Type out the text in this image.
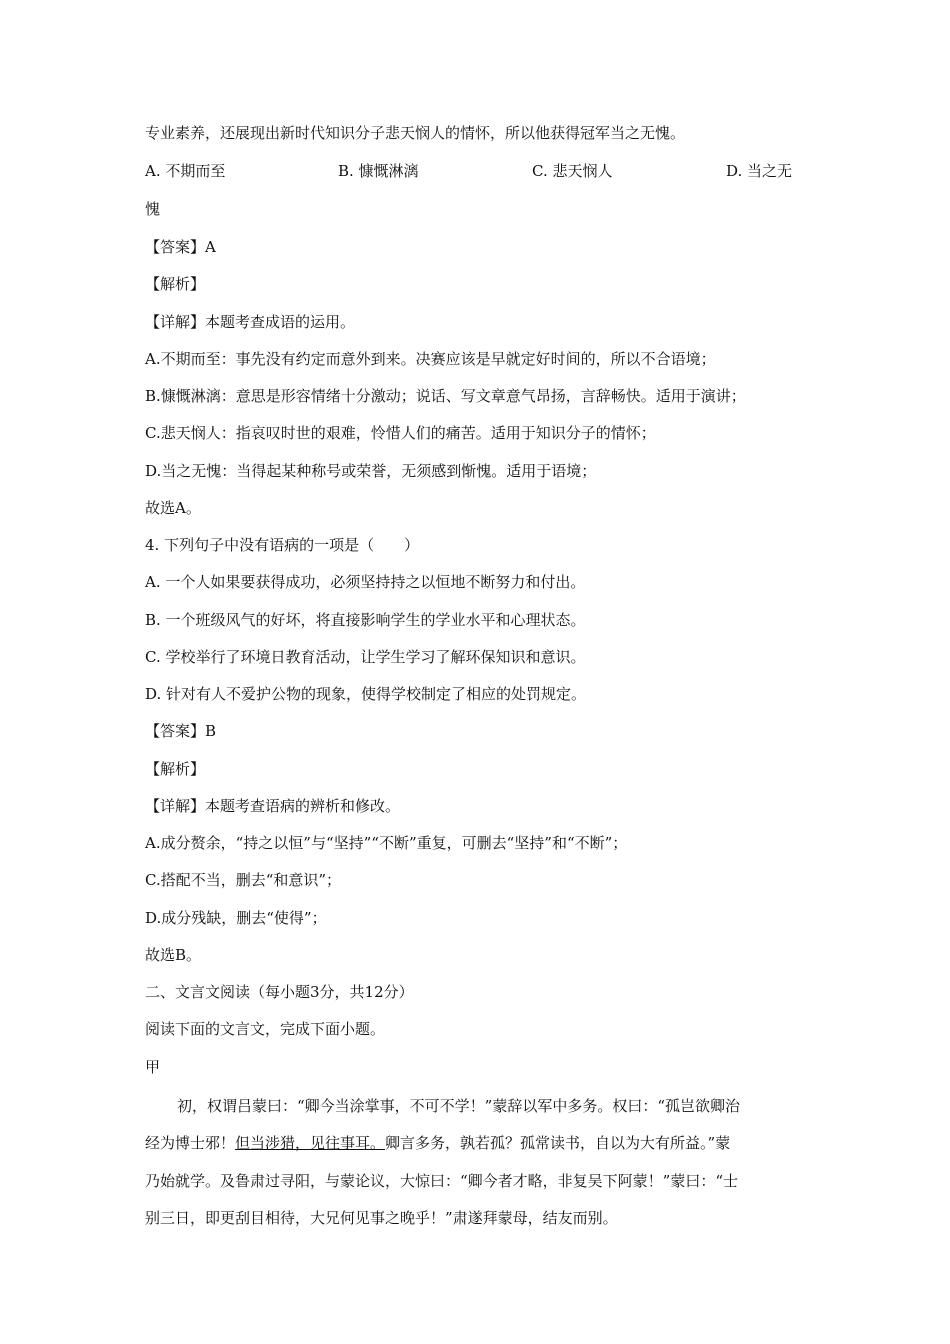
专业素养，还展现出新时代知识分子悲天悯人的情怀，所以他获得冠军当之无愧。
A. 不期而至	B. 慷慨淋漓	C. 悲天悯人	D. 当之无
愧
【答案】A
【解析】
【详解】本题考查成语的运用。
A.不期而至：事先没有约定而意外到来。决赛应该是早就定好时间的，所以不合语境；
B.慷慨淋漓：意思是形容情绪十分激动；说话、写文章意气昂扬，言辞畅快。适用于演讲；
C.悲天悯人：指哀叹时世的艰难，怜惜人们的痛苦。适用于知识分子的情怀；
D.当之无愧：当得起某种称号或荣誉，无须感到惭愧。适用于语境；
故选A。
4. 下列句子中没有语病的一项是（　　）
A. 一个人如果要获得成功，必须坚持持之以恒地不断努力和付出。
B. 一个班级风气的好坏，将直接影响学生的学业水平和心理状态。
C. 学校举行了环境日教育活动，让学生学习了解环保知识和意识。
D. 针对有人不爱护公物的现象，使得学校制定了相应的处罚规定。
【答案】B
【解析】
【详解】本题考查语病的辨析和修改。
A.成分赘余，“持之以恒”与“坚持”“不断”重复，可删去“坚持”和“不断”；
C.搭配不当，删去“和意识”；
D.成分残缺，删去“使得”；
故选B。
二、文言文阅读（每小题3分，共12分）
阅读下面的文言文，完成下面小题。
甲
初，权谓吕蒙曰：“卿今当涂掌事，不可不学！”蒙辞以军中多务。权曰：“孤岂欲卿治
经为博士邪！但当涉猎，见往事耳。卿言多务，孰若孤？孤常读书，自以为大有所益。”蒙
乃始就学。及鲁肃过寻阳，与蒙论议，大惊曰：“卿今者才略，非复吴下阿蒙！”蒙曰：“士
别三日，即更刮目相待，大兄何见事之晚乎！”肃遂拜蒙母，结友而别。
